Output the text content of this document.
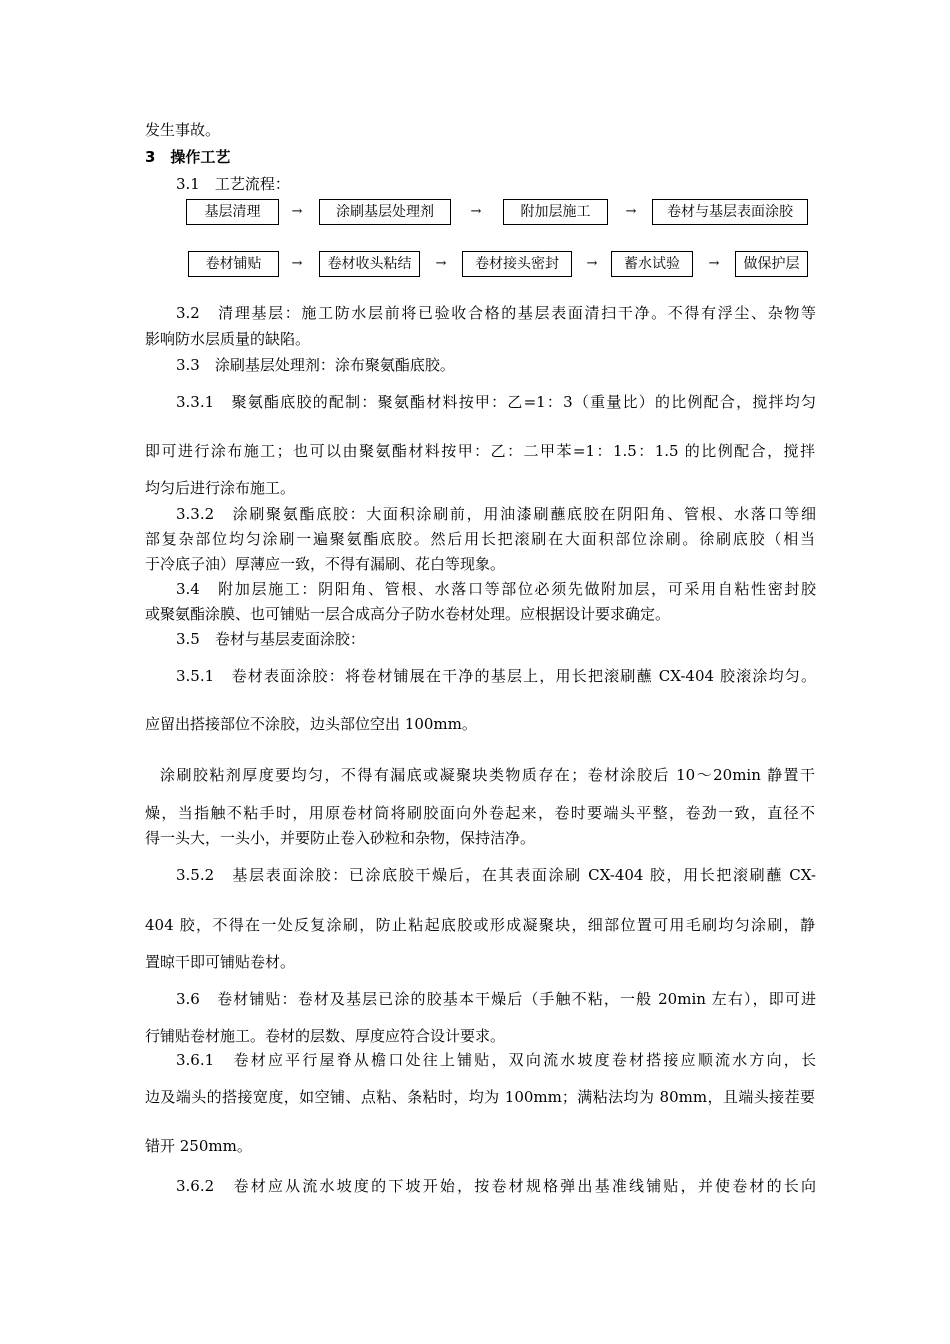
发生事故。
3　操作工艺
3.1　工艺流程：
基层清理	→	涂刷基层处理剂	→	附加层施工	→	卷材与基层表面涂胶
卷材铺贴	→	卷材收头粘结	→	卷材接头密封	→	蓄水试验	→	做保护层
3.2　清理基层：施工防水层前将已验收合格的基层表面清扫干净。不得有浮尘、杂物等
影响防水层质量的缺陷。
3.3　涂刷基层处理剂：涂布聚氨酯底胶。
3.3.1　聚氨酯底胶的配制：聚氨酯材料按甲：乙=1：3（重量比）的比例配合，搅拌均匀
即可进行涂布施工；也可以由聚氨酯材料按甲：乙：二甲苯=1：1.5：1.5 的比例配合，搅拌
均匀后进行涂布施工。
3.3.2　涂刷聚氨酯底胶：大面积涂刷前，用油漆刷蘸底胶在阴阳角、管根、水落口等细
部复杂部位均匀涂刷一遍聚氨酯底胶。然后用长把滚刷在大面积部位涂刷。徐刷底胶（相当
于冷底子油）厚薄应一致，不得有漏刷、花白等现象。
3.4　附加层施工：阴阳角、管根、水落口等部位必须先做附加层，可采用自粘性密封胶
或聚氨酯涂膜、也可铺贴一层合成高分子防水卷材处理。应根据设计要求确定。
3.5　卷材与基层麦面涂胶：
3.5.1　卷材表面涂胶：将卷材铺展在干净的基层上，用长把滚刷蘸 CX-404 胶滚涂均匀。
应留出搭接部位不涂胶，边头部位空出 100mm。
涂刷胶粘剂厚度要均匀，不得有漏底或凝聚块类物质存在；卷材涂胶后 10～20min 静置干
燥，当指触不粘手时，用原卷材筒将刷胶面向外卷起来，卷时要端头平整，卷劲一致，直径不
得一头大，一头小，并要防止卷入砂粒和杂物，保持洁净。
3.5.2　基层表面涂胶：已涂底胶干燥后，在其表面涂刷 CX-404 胶，用长把滚刷蘸 CX-
404 胶，不得在一处反复涂刷，防止粘起底胶或形成凝聚块，细部位置可用毛刷均匀涂刷，静
置晾干即可铺贴卷材。
3.6　卷材铺贴：卷材及基层已涂的胶基本干燥后（手触不粘，一般 20min 左右），即可进
行铺贴卷材施工。卷材的层数、厚度应符合设计要求。
3.6.1　卷材应平行屋脊从檐口处往上铺贴，双向流水坡度卷材搭接应顺流水方向，长
边及端头的搭接宽度，如空铺、点粘、条粘时，均为 100mm；满粘法均为 80mm，且端头接茬要
错开 250mm。
3.6.2　卷材应从流水坡度的下坡开始，按卷材规格弹出基准线铺贴，并使卷材的长向
